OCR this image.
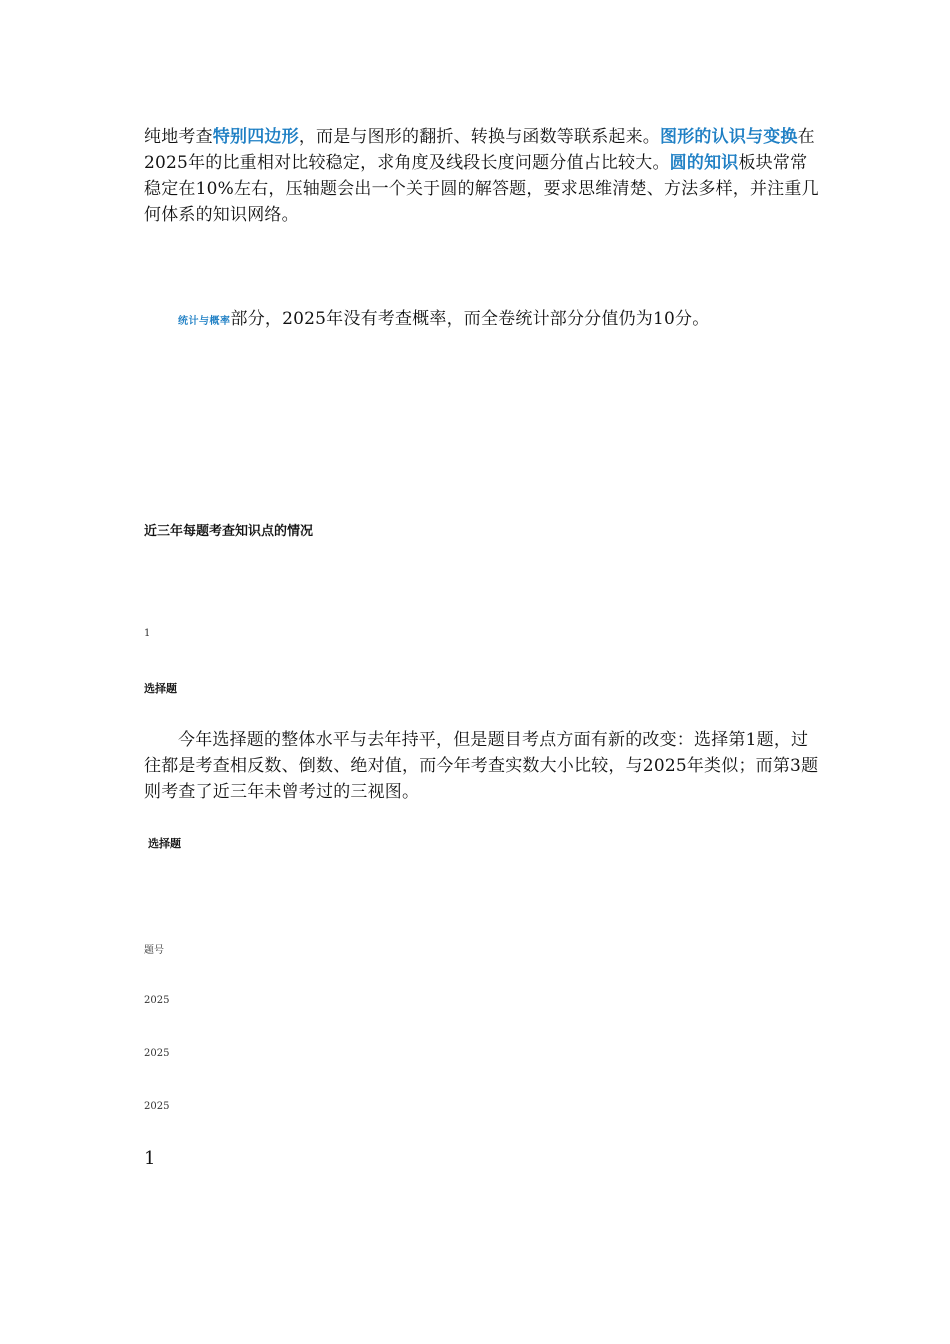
纯地考查特别四边形，而是与图形的翻折、转换与函数等联系起来。图形的认识与变换在2025年的比重相对比较稳定，求角度及线段长度问题分值占比较大。圆的知识板块常常稳定在10%左右，压轴题会出一个关于圆的解答题，要求思维清楚、方法多样，并注重几何体系的知识网络。

统计与概率部分，2025年没有考查概率，而全卷统计部分分值仍为10分。

近三年每题考查知识点的情况
1
选择题

今年选择题的整体水平与去年持平，但是题目考点方面有新的改变：选择第1题，过往都是考查相反数、倒数、绝对值，而今年考查实数大小比较，与2025年类似；而第3题则考查了近三年未曾考过的三视图。

选择题
题号
2025
2025
2025
1
